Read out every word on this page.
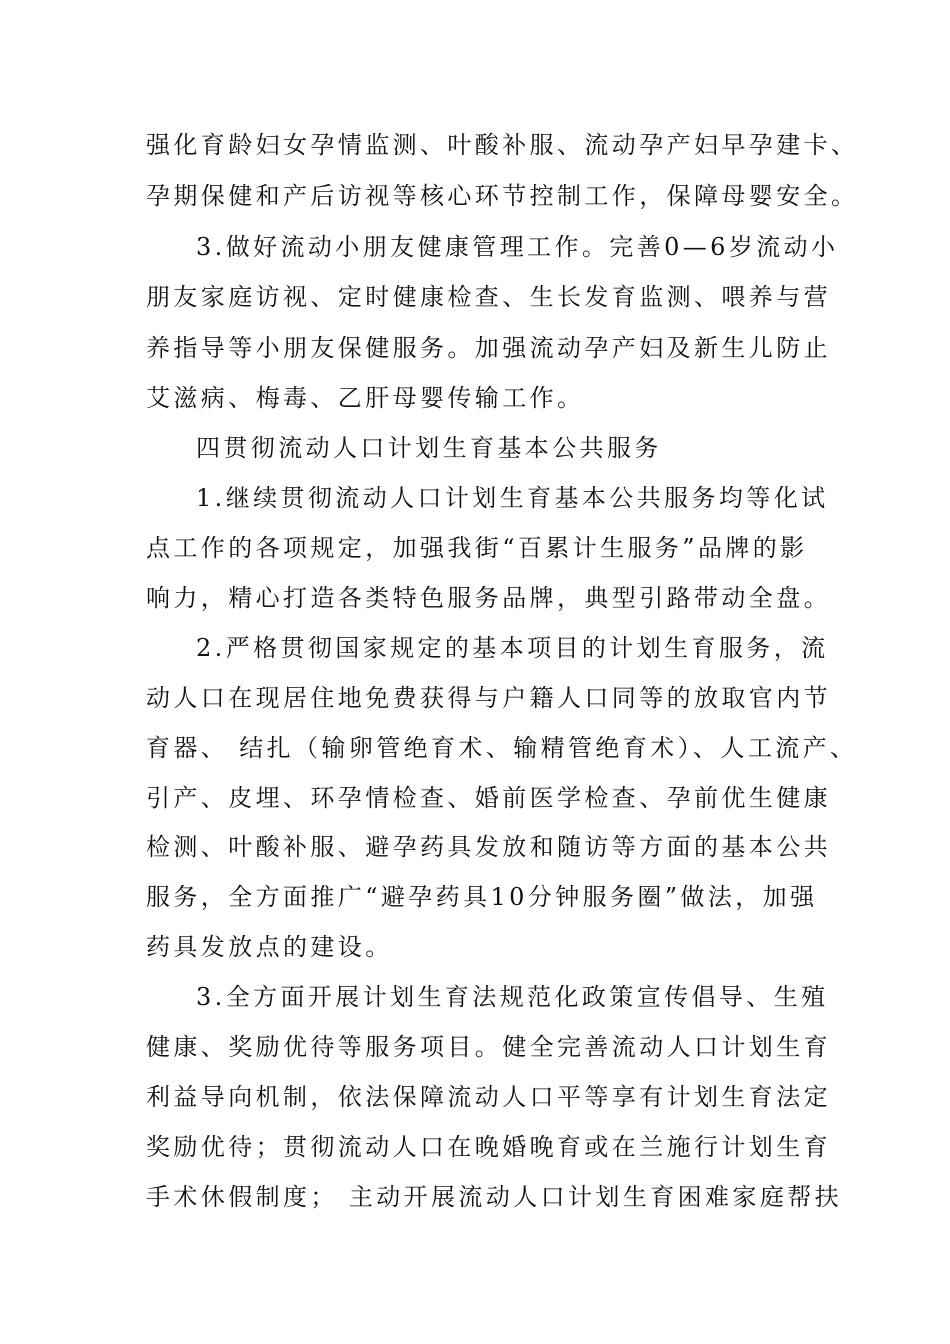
强化育龄妇女孕情监测、叶酸补服、流动孕产妇早孕建卡、
孕期保健和产后访视等核心环节控制工作，保障母婴安全。
3.做好流动小朋友健康管理工作。完善0—6岁流动小
朋友家庭访视、定时健康检查、生长发育监测、喂养与营
养指导等小朋友保健服务。加强流动孕产妇及新生儿防止
艾滋病、梅毒、乙肝母婴传输工作。
四贯彻流动人口计划生育基本公共服务
1.继续贯彻流动人口计划生育基本公共服务均等化试
点工作的各项规定，加强我街“百累计生服务”品牌的影
响力，精心打造各类特色服务品牌，典型引路带动全盘。
2.严格贯彻国家规定的基本项目的计划生育服务，流
动人口在现居住地免费获得与户籍人口同等的放取官内节
育器、 结扎（输卵管绝育术、输精管绝育术）、人工流产、
引产、皮埋、环孕情检查、婚前医学检查、孕前优生健康
检测、叶酸补服、避孕药具发放和随访等方面的基本公共
服务，全方面推广“避孕药具10分钟服务圈”做法，加强
药具发放点的建设。
3.全方面开展计划生育法规范化政策宣传倡导、生殖
健康、奖励优待等服务项目。健全完善流动人口计划生育
利益导向机制，依法保障流动人口平等享有计划生育法定
奖励优待；贯彻流动人口在晚婚晚育或在兰施行计划生育
手术休假制度； 主动开展流动人口计划生育困难家庭帮扶
